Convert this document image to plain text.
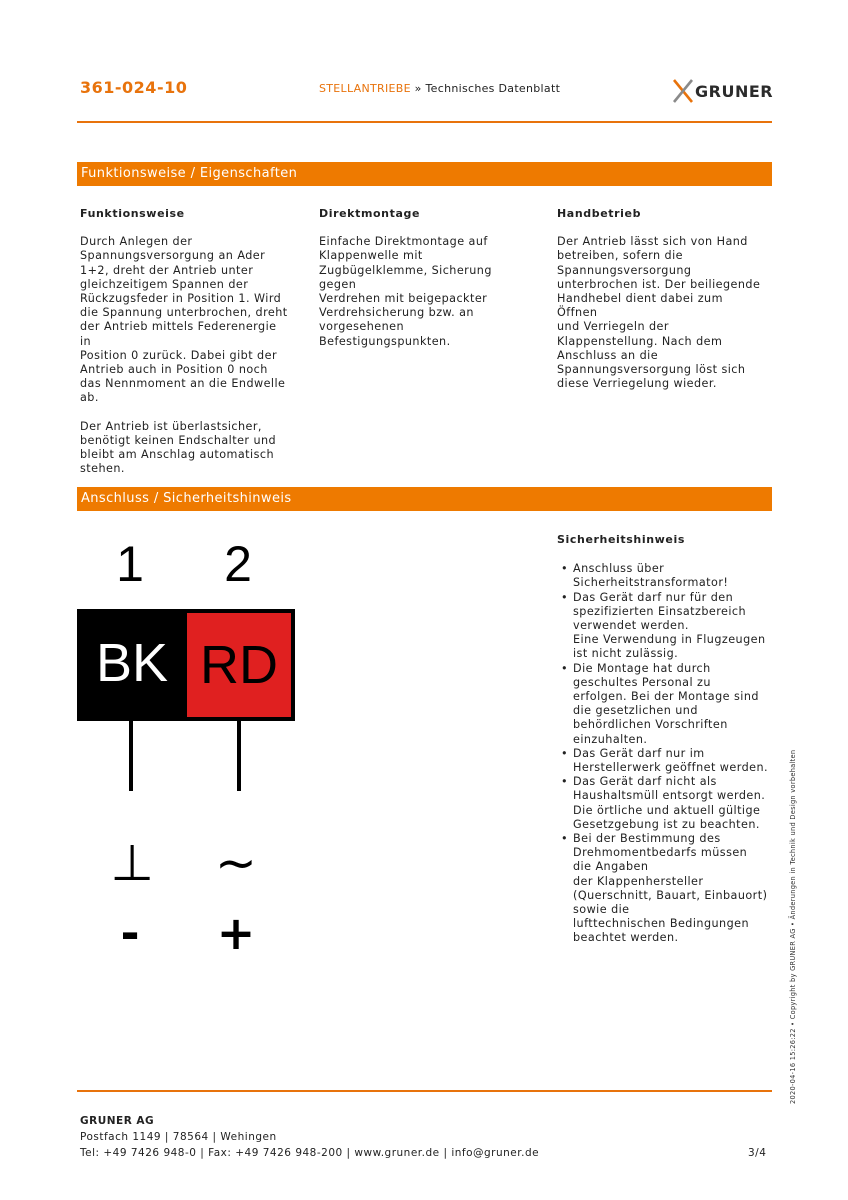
361-024-10	STELLANTRIEBE » Technisches Datenblatt	GRUNER
Funktionsweise / Eigenschaften
Funktionsweise

Durch Anlegen der
Spannungsversorgung an Ader
1+2, dreht der Antrieb unter
gleichzeitigem Spannen der
Rückzugsfeder in Position 1. Wird
die Spannung unterbrochen, dreht
der Antrieb mittels Federenergie in
Position 0 zurück. Dabei gibt der
Antrieb auch in Position 0 noch
das Nennmoment an die Endwelle
ab.

Der Antrieb ist überlastsicher,
benötigt keinen Endschalter und
bleibt am Anschlag automatisch
stehen.

Direktmontage

Einfache Direktmontage auf
Klappenwelle mit
Zugbügelklemme, Sicherung gegen
Verdrehen mit beigepackter
Verdrehsicherung bzw. an
vorgesehenen
Befestigungspunkten.

Handbetrieb

Der Antrieb lässt sich von Hand
betreiben, sofern die
Spannungsversorgung
unterbrochen ist. Der beiliegende
Handhebel dient dabei zum Öffnen
und Verriegeln der
Klappenstellung. Nach dem
Anschluss an die
Spannungsversorgung löst sich
diese Verriegelung wieder.

Anschluss / Sicherheitshinweis
1	2
BK RD
⊥ ~
-	+
Sicherheitshinweis
• Anschluss über
Sicherheitstransformator!
• Das Gerät darf nur für den
spezifizierten Einsatzbereich
verwendet werden.
Eine Verwendung in Flugzeugen
ist nicht zulässig.
• Die Montage hat durch
geschultes Personal zu
erfolgen. Bei der Montage sind
die gesetzlichen und
behördlichen Vorschriften
einzuhalten.
• Das Gerät darf nur im
Herstellerwerk geöffnet werden.
• Das Gerät darf nicht als
Haushaltsmüll entsorgt werden.
Die örtliche und aktuell gültige
Gesetzgebung ist zu beachten.
• Bei der Bestimmung des
Drehmomentbedarfs müssen
die Angaben
der Klappenhersteller
(Querschnitt, Bauart, Einbauort)
sowie die
lufttechnischen Bedingungen
beachtet werden.	2020-04-16 15:26:22 • Copyright by GRUNER AG • Änderungen in Technik und Design vorbehalten
GRUNER AG
Postfach 1149 | 78564 | Wehingen
Tel: +49 7426 948-0 | Fax: +49 7426 948-200 | www.gruner.de | info@gruner.de	3/4
